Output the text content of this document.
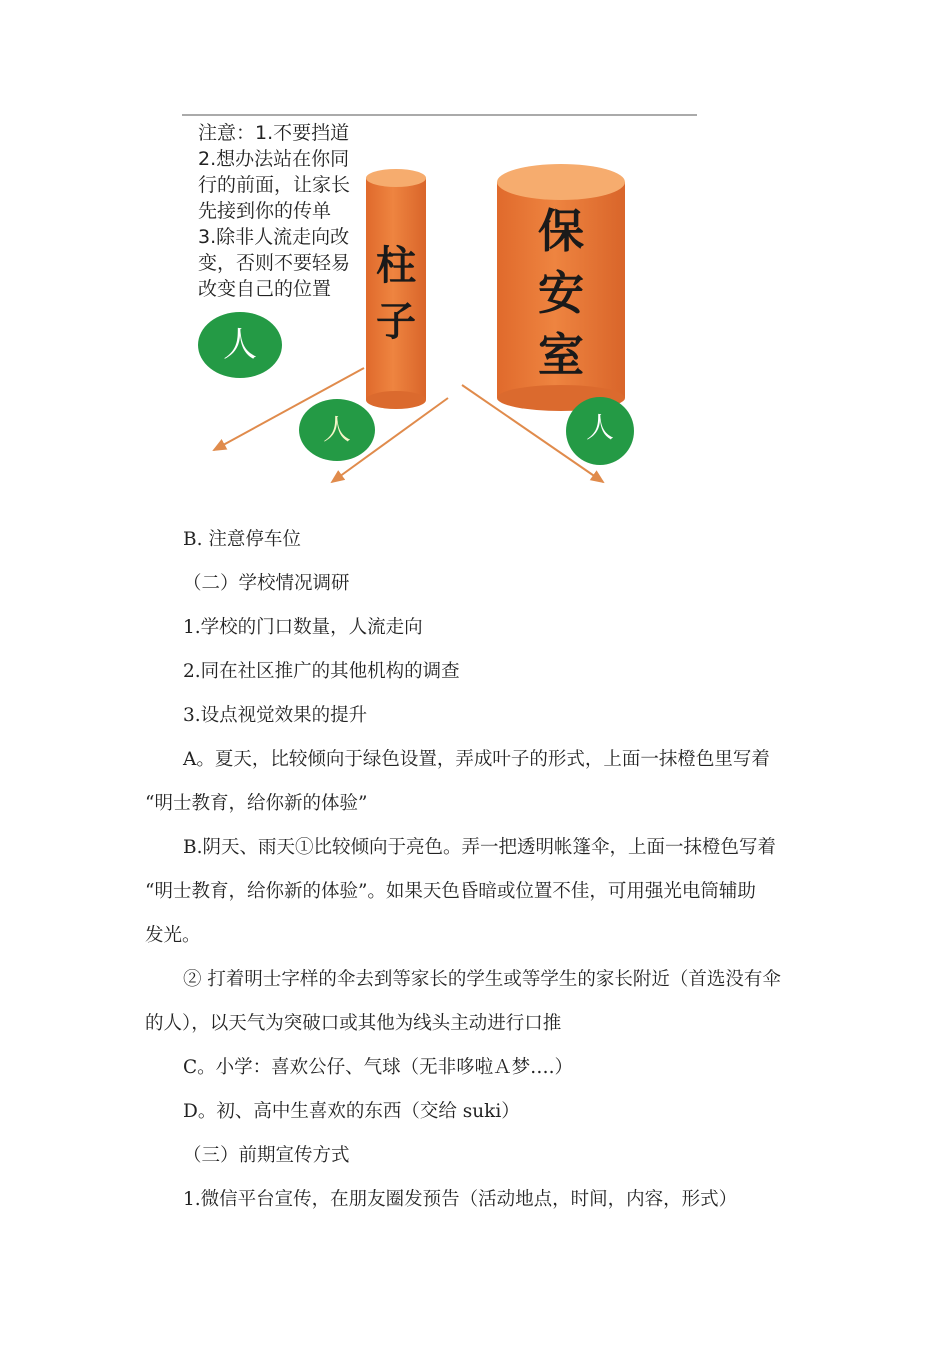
注意：1.不要挡道
2.想办法站在你同
行的前面，让家长
先接到你的传单
3.除非人流走向改
变，否则不要轻易
改变自己的位置	柱
子
保
安
室
人
人	人
B. 注意停车位
（二）学校情况调研
1.学校的门口数量，人流走向
2.同在社区推广的其他机构的调查
3.设点视觉效果的提升
A。夏天，比较倾向于绿色设置，弄成叶子的形式，上面一抹橙色里写着
“明士教育，给你新的体验”
B.阴天、雨天①比较倾向于亮色。弄一把透明帐篷伞，上面一抹橙色写着
“明士教育，给你新的体验”。如果天色昏暗或位置不佳，可用强光电筒辅助
发光。
② 打着明士字样的伞去到等家长的学生或等学生的家长附近（首选没有伞
的人），以天气为突破口或其他为线头主动进行口推
C。小学：喜欢公仔、气球（无非哆啦Ａ梦….）
D。初、高中生喜欢的东西（交给 suki）
（三）前期宣传方式
1.微信平台宣传，在朋友圈发预告（活动地点，时间，内容，形式）
